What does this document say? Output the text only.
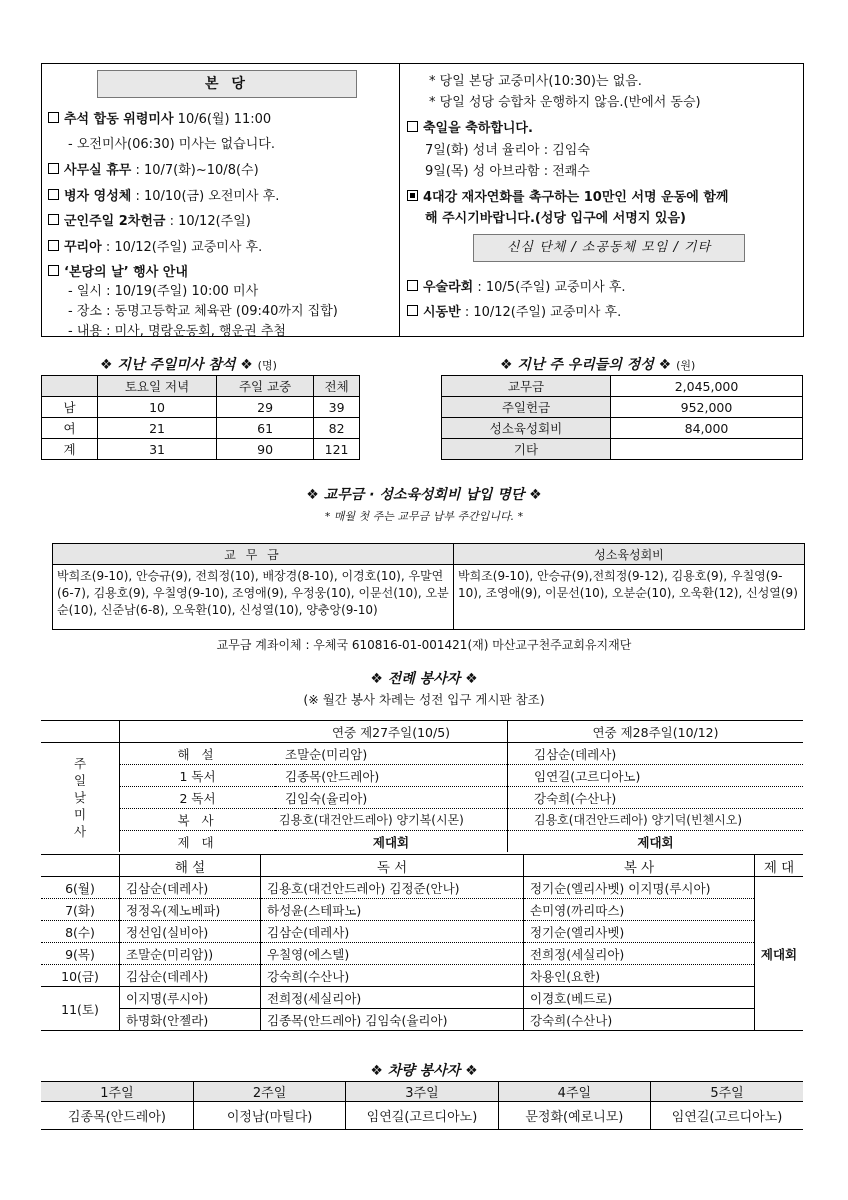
본 당
추석 합동 위령미사 10/6(월) 11:00
- 오전미사(06:30) 미사는 없습니다.
사무실 휴무 : 10/7(화)~10/8(수)
병자 영성체 : 10/10(금) 오전미사 후.
군인주일 2차헌금 : 10/12(주일)
꾸리아 : 10/12(주일) 교중미사 후.
‘본당의 날’ 행사 안내
- 일시 : 10/19(주일) 10:00 미사
- 장소 : 동명고등학교 체육관 (09:40까지 집합)
- 내용 : 미사, 명랑운동회, 행운권 추첨
* 당일 본당 교중미사(10:30)는 없음.
* 당일 성당 승합차 운행하지 않음.(반에서 동승)
축일을 축하합니다.
7일(화) 성녀 율리아 : 김임숙
9일(목) 성 아브라함 : 전쾌수
4대강 재자연화를 촉구하는 10만인 서명 운동에 함께
해 주시기바랍니다.(성당 입구에 서명지 있음)
신심 단체 / 소공동체 모임 / 기타
우술라회 : 10/5(주일) 교중미사 후.
시동반 : 10/12(주일) 교중미사 후.
❖ 지난 주일미사 참석 ❖ (명)
	토요일 저녁	주일 교중	전체
남	10	29	39
여	21	61	82
계	31	90	121
❖ 지난 주 우리들의 정성 ❖ (원)
교무금	2,045,000
주일헌금	952,000
성소육성회비	84,000
기타	
❖ 교무금 · 성소육성회비 납입 명단 ❖
* 매월 첫 주는 교무금 납부 주간입니다. *
교 무 금	성소육성회비
박희조(9-10), 안승규(9), 전희정(10), 배장경(8-10), 이경호(10), 우말연(6-7), 김용호(9), 우칠영(9-10), 조영애(9), 우정웅(10), 이문선(10), 오분순(10), 신준남(6-8), 오욱환(10), 신성열(10), 양충앙(9-10)	박희조(9-10), 안승규(9),전희정(9-12), 김용호(9), 우칠영(9-10), 조영애(9), 이문선(10), 오분순(10), 오욱환(12), 신성열(9)
교무금 계좌이체 : 우체국 610816-01-001421(재) 마산교구천주교회유지재단
❖ 전례 봉사자 ❖
(※ 월간 봉사 차례는 성전 입구 게시판 참조)
		연중 제27주일(10/5)	연중 제28주일(10/12)

주
일
낮
미
사	해 설	조말순(미리암)	김삼순(데레사)
	1 독서	김종목(안드레아)	임연길(고르디아노)
	2 독서	김임숙(율리아)	강숙희(수산나)
	복 사	김용호(대건안드레아) 양기복(시몬)	김용호(대건안드레아) 양기덕(빈첸시오)
	제 대	제대회	제대회
	해 설	독 서	복 사	제 대
6(월)	김삼순(데레사)	김용호(대건안드레아) 김정준(안나)	정기순(엘리사벳) 이지명(루시아)	제대회
7(화)	정정옥(제노베파)	하성윤(스테파노)	손미영(까리따스)	
8(수)	정선임(실비아)	김삼순(데레사)	정기순(엘리사벳)	
9(목)	조말순(미리암))	우칠영(에스텔)	전희정(세실리아)	
10(금)	김삼순(데레사)	강숙희(수산나)	차용인(요한)	
11(토)	이지명(루시아)	전희정(세실리아)	이경호(베드로)	
	하명화(안젤라)	김종목(안드레아) 김임숙(율리아)	강숙희(수산나)	
❖ 차량 봉사자 ❖
1주일	2주일	3주일	4주일	5주일
김종목(안드레아)	이정남(마틸다)	임연길(고르디아노)	문정화(예로니모)	임연길(고르디아노)
